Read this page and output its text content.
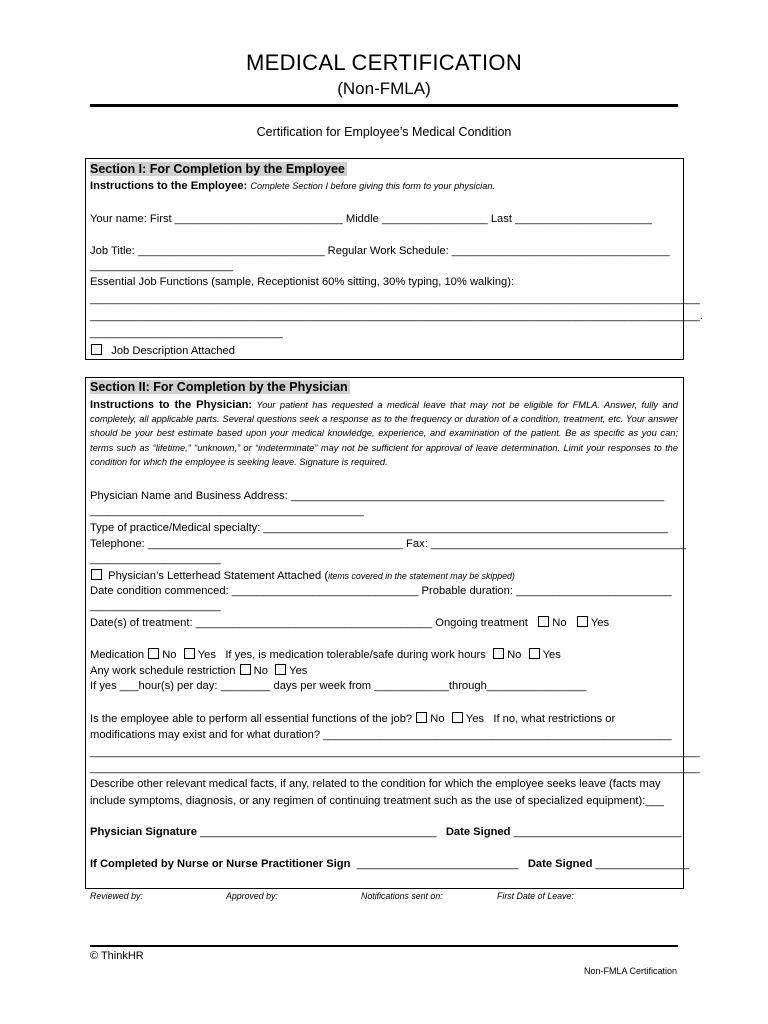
MEDICAL CERTIFICATION
(Non-FMLA)
Certification for Employee’s Medical Condition
Section I: For Completion by the Employee
Instructions to the Employee: Complete Section I before giving this form to your physician.
Your name: First ___________________________ Middle _________________ Last ______________________
Job Title: ______________________________ Regular Work Schedule: ___________________________________
_______________________
Essential Job Functions (sample, Receptionist 60% sitting, 30% typing, 10% walking):
__________________________________________________________________________________________________
__________________________________________________________________________________________________.
_______________________________
Job Description Attached
Section II: For Completion by the Physician
Instructions to the Physician: Your patient has requested a medical leave that may not be eligible for FMLA. Answer, fully and completely, all applicable parts. Several questions seek a response as to the frequency or duration of a condition, treatment, etc. Your answer should be your best estimate based upon your medical knowledge, experience, and examination of the patient. Be as specific as you can; terms such as “lifetime,” “unknown,” or “indeterminate” may not be sufficient for approval of leave determination. Limit your responses to the condition for which the employee is seeking leave. Signature is required.
Physician Name and Business Address: ____________________________________________________________
____________________________________________
Type of practice/Medical specialty: _________________________________________________________________
Telephone: _________________________________________ Fax: _________________________________________
_____________________
Physician’s Letterhead Statement Attached (items covered in the statement may be skipped)
Date condition commenced: ______________________________ Probable duration: _________________________
_____________________
Date(s) of treatment: ______________________________________ Ongoing treatment No Yes
Medication No Yes If yes, is medication tolerable/safe during work hours No Yes
Any work schedule restriction No Yes
If yes ___hour(s) per day: ________ days per week from ____________through________________
Is the employee able to perform all essential functions of the job? No Yes If no, what restrictions or
modifications may exist and for what duration? ________________________________________________________
__________________________________________________________________________________________________
__________________________________________________________________________________________________
Describe other relevant medical facts, if any, related to the condition for which the employee seeks leave (facts may
include symptoms, diagnosis, or any regimen of continuing treatment such as the use of specialized equipment):___
Physician Signature ______________________________________ Date Signed ___________________________
If Completed by Nurse or Nurse Practitioner Sign __________________________ Date Signed _______________
Reviewed by:	Approved by:	Notifications sent on:	First Date of Leave:
© ThinkHR
Non-FMLA Certification
